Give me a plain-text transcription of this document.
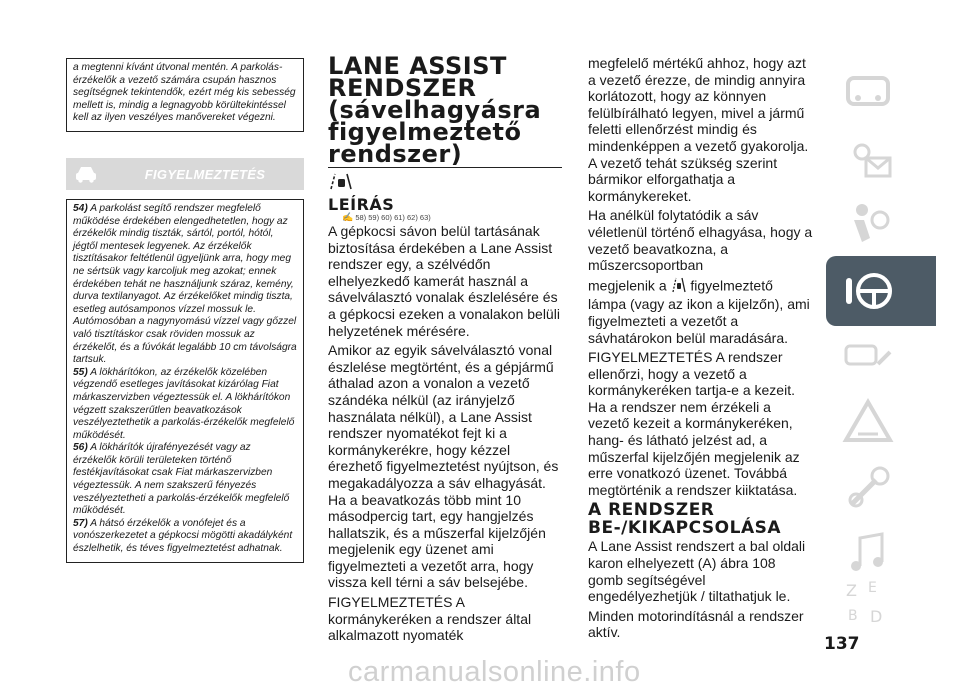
a megtenni kívánt útvonal mentén. A parkolás-érzékelők a vezető számára csupán hasznos segítségnek tekintendők, ezért még kis sebesség mellett is, mindig a legnagyobb körültekintéssel kell az ilyen veszélyes manővereket végezni.
FIGYELMEZTETÉS

54) A parkolást segítő rendszer megfelelő működése érdekében elengedhetetlen, hogy az érzékelők mindig tiszták, sártól, portól, hótól, jégtől mentesek legyenek. Az érzékelők tisztításakor feltétlenül ügyeljünk arra, hogy meg ne sértsük vagy karcoljuk meg azokat; ennek érdekében tehát ne használjunk száraz, kemény, durva textilanyagot. Az érzékelőket mindig tiszta, esetleg autósamponos vízzel mossuk le. Autómosóban a nagynyomású vízzel vagy gőzzel való tisztításkor csak röviden mossuk az érzékelőt, és a fúvókát legalább 10 cm távolságra tartsuk.

55) A lökhárítókon, az érzékelők közelében végzendő esetleges javításokat kizárólag Fiat márkaszervizben végeztessük el. A lökhárítókon végzett szakszerűtlen beavatkozások veszélyeztethetik a parkolás-érzékelők megfelelő működését.

56) A lökhárítók újrafényezését vagy az érzékelők körüli területeken történő festékjavításokat csak Fiat márkaszervizben végeztessük. A nem szakszerű fényezés veszélyeztetheti a parkolás-érzékelők megfelelő működését.

57) A hátsó érzékelők a vonófejet és a vonószerkezetet a gépkocsi mögötti akadályként észlelhetik, és téves figyelmeztetést adhatnak.

LANE ASSIST
RENDSZER
(sávelhagyásra
figyelmeztető
rendszer)
LEÍRÁS
✍ 58) 59) 60) 61) 62) 63)

A gépkocsi sávon belül tartásának biztosítása érdekében a Lane Assist rendszer egy, a szélvédőn elhelyezkedő kamerát használ a sávelválasztó vonalak észlelésére és a gépkocsi ezeken a vonalakon belüli helyzetének mérésére.

Amikor az egyik sávelválasztó vonal észlelése megtörtént, és a gépjármű áthalad azon a vonalon a vezető szándéka nélkül (az irányjelző használata nélkül), a Lane Assist rendszer nyomatékot fejt ki a kormánykerékre, hogy kézzel érezhető figyelmeztetést nyújtson, és megakadályozza a sáv elhagyását. Ha a beavatkozás több mint 10 másodpercig tart, egy hangjelzés hallatszik, és a műszerfal kijelzőjén megjelenik egy üzenet ami figyelmezteti a vezetőt arra, hogy vissza kell térni a sáv belsejébe.

FIGYELMEZTETÉS A kormánykeréken a rendszer által alkalmazott nyomaték

megfelelő mértékű ahhoz, hogy azt a vezető érezze, de mindig annyira korlátozott, hogy az könnyen felülbírálható legyen, mivel a jármű feletti ellenőrzést mindig és mindenképpen a vezető gyakorolja. A vezető tehát szükség szerint bármikor elforgathatja a kormánykereket.

Ha anélkül folytatódik a sáv véletlenül történő elhagyása, hogy a vezető beavatkozna, a műszercsoportban

megjelenik a figyelmeztető lámpa (vagy az ikon a kijelzőn), ami figyelmezteti a vezetőt a sávhatárokon belül maradására.

FIGYELMEZTETÉS A rendszer ellenőrzi, hogy a vezető a kormánykeréken tartja-e a kezeit. Ha a rendszer nem érzékeli a vezető kezeit a kormánykeréken, hang- és látható jelzést ad, a műszerfal kijelzőjén megjelenik az erre vonatkozó üzenet. Továbbá megtörténik a rendszer kiiktatása.

A RENDSZER
BE-/KIKAPCSOLÁSA

A Lane Assist rendszert a bal oldali karon elhelyezett (A) ábra 108 gomb segítségével engedélyezhetjük / tiltathatjuk le.

Minden motorindításnál a rendszer aktív.

137
Z E
B D
carmanualsonline.info
